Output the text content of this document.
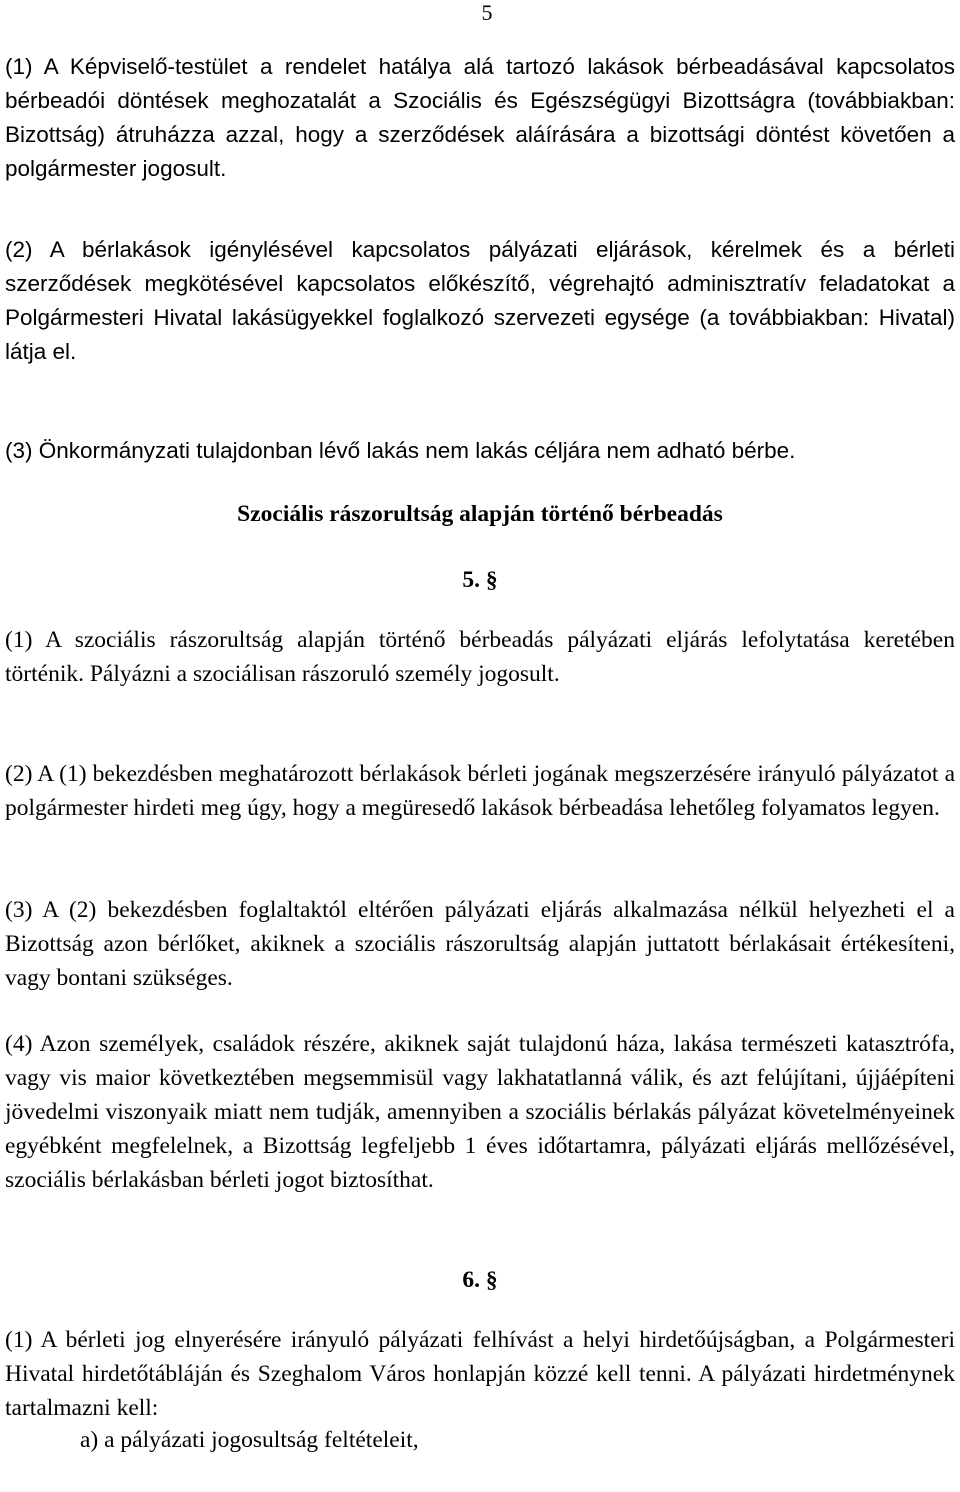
5

(1) A Képviselő-testület a rendelet hatálya alá tartozó lakások bérbeadásával kapcsolatos bérbeadói döntések meghozatalát a Szociális és Egészségügyi Bizottságra (továbbiakban: Bizottság) átruházza azzal, hogy a szerződések aláírására a bizottsági döntést követően a polgármester jogosult.

(2) A bérlakások igénylésével kapcsolatos pályázati eljárások, kérelmek és a bérleti szerződések megkötésével kapcsolatos előkészítő, végrehajtó adminisztratív feladatokat a Polgármesteri Hivatal lakásügyekkel foglalkozó szervezeti egysége (a továbbiakban: Hivatal) látja el.

(3) Önkormányzati tulajdonban lévő lakás nem lakás céljára nem adható bérbe.

Szociális rászorultság alapján történő bérbeadás

5. §

(1) A szociális rászorultság alapján történő bérbeadás pályázati eljárás lefolytatása keretében történik. Pályázni a szociálisan rászoruló személy jogosult.

(2) A (1) bekezdésben meghatározott bérlakások bérleti jogának megszerzésére irányuló pályázatot a polgármester hirdeti meg úgy, hogy a megüresedő lakások bérbeadása lehetőleg folyamatos legyen.

(3) A (2) bekezdésben foglaltaktól eltérően pályázati eljárás alkalmazása nélkül helyezheti el a Bizottság azon bérlőket, akiknek a szociális rászorultság alapján juttatott bérlakásait értékesíteni, vagy bontani szükséges.

(4) Azon személyek, családok részére, akiknek saját tulajdonú háza, lakása természeti katasztrófa, vagy vis maior következtében megsemmisül vagy lakhatatlanná válik, és azt felújítani, újjáépíteni jövedelmi viszonyaik miatt nem tudják, amennyiben a szociális bérlakás pályázat követelményeinek egyébként megfelelnek, a Bizottság legfeljebb 1 éves időtartamra, pályázati eljárás mellőzésével, szociális bérlakásban bérleti jogot biztosíthat.

6. §

(1) A bérleti jog elnyerésére irányuló pályázati felhívást a helyi hirdetőújságban, a Polgármesteri Hivatal hirdetőtábláján és Szeghalom Város honlapján közzé kell tenni. A pályázati hirdetménynek tartalmazni kell:

a) a pályázati jogosultság feltételeit,
